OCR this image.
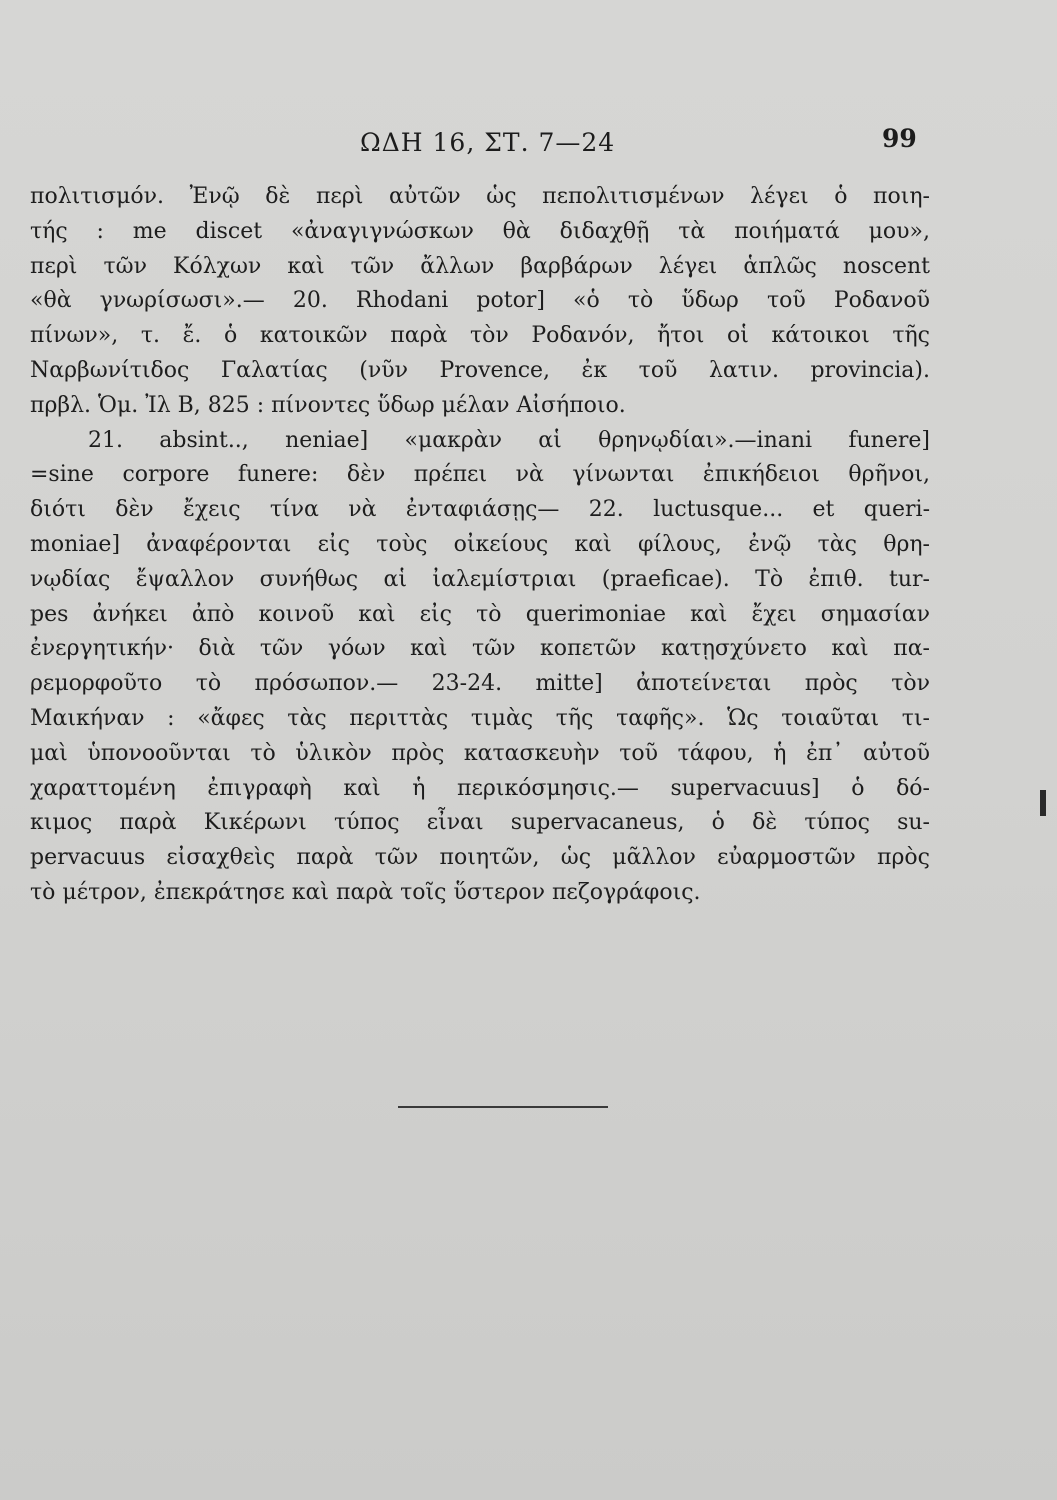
ΩΔΗ 16, ΣΤ. 7—24	99
πολιτισμόν. Ἐνῷ δὲ περὶ αὐτῶν ὡς πεπολιτισμένων λέγει ὁ ποιη-
τής : me discet «ἀναγιγνώσκων θὰ διδαχθῇ τὰ ποιήματά μου»,
περὶ τῶν Κόλχων καὶ τῶν ἄλλων βαρβάρων λέγει ἁπλῶς noscent
«θὰ γνωρίσωσι».— 20. Rhodani potor] «ὁ τὸ ὕδωρ τοῦ Ροδανοῦ
πίνων», τ. ἔ. ὁ κατοικῶν παρὰ τὸν Ροδανόν, ἤτοι οἱ κάτοικοι τῆς
Ναρβωνίτιδος Γαλατίας (νῦν Provence, ἐκ τοῦ λατιν. provincia).
πρβλ. Ὁμ. Ἰλ Β, 825 : πίνοντες ὕδωρ μέλαν Αἰσήποιο.
21. absint.., neniae] «μακρὰν αἱ θρηνῳδίαι».—inani funere]
=sine corpore funere: δὲν πρέπει νὰ γίνωνται ἐπικήδειοι θρῆνοι,
διότι δὲν ἔχεις τίνα νὰ ἐνταφιάσῃς— 22. luctusque... et queri-
moniae] ἀναφέρονται εἰς τοὺς οἰκείους καὶ φίλους, ἐνῷ τὰς θρη-
νῳδίας ἔψαλλον συνήθως αἱ ἰαλεμίστριαι (praeficae). Τὸ ἐπιθ. tur-
pes ἀνήκει ἀπὸ κοινοῦ καὶ εἰς τὸ querimoniae καὶ ἔχει σημασίαν
ἐνεργητικήν· διὰ τῶν γόων καὶ τῶν κοπετῶν κατῃσχύνετο καὶ πα-
ρεμορφοῦτο τὸ πρόσωπον.— 23-24. mitte] ἀποτείνεται πρὸς τὸν
Μαικήναν : «ἄφες τὰς περιττὰς τιμὰς τῆς ταφῆς». Ὡς τοιαῦται τι-
μαὶ ὑπονοοῦνται τὸ ὑλικὸν πρὸς κατασκευὴν τοῦ τάφου, ἡ ἐπ᾽ αὐτοῦ
χαραττομένη ἐπιγραφὴ καὶ ἡ περικόσμησις.— supervacuus] ὁ δό-
κιμος παρὰ Κικέρωνι τύπος εἶναι supervacaneus, ὁ δὲ τύπος su-
pervacuus εἰσαχθεὶς παρὰ τῶν ποιητῶν, ὡς μᾶλλον εὐαρμοστῶν πρὸς
τὸ μέτρον, ἐπεκράτησε καὶ παρὰ τοῖς ὕστερον πεζογράφοις.
